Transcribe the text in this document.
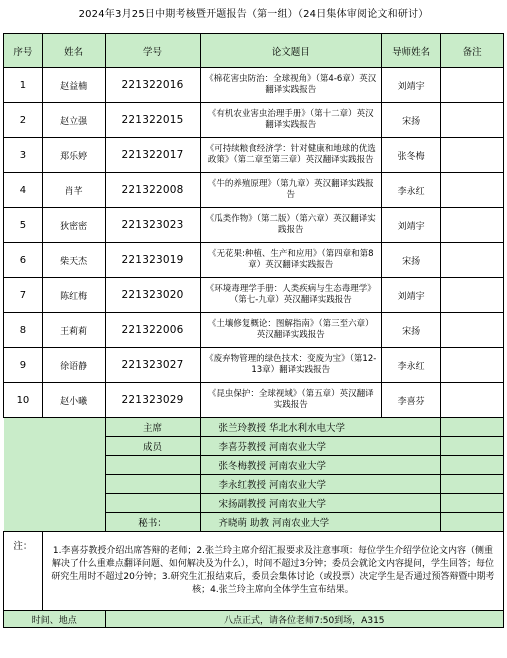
2024年3月25日中期考核暨开题报告（第一组）（24日集体审阅论文和研讨）
序号	姓名	学号	论文题目	导师姓名	备注
1	赵益楠	221322016	《棉花害虫防治：全球视角》（第4-6章）英汉翻译实践报告	刘靖宇	
2	赵立强	221322015	《有机农业害虫治理手册》（第十二章）英汉翻译实践报告	宋扬	
3	郑乐婷	221322017	《可持续粮食经济学：针对健康和地球的优选政策》（第二章至第三章）英汉翻译实践报告	张冬梅	
4	肖芊	221322008	《牛的养殖原理》（第九章）英汉翻译实践报告	李永红	
5	狄密密	221323023	《瓜类作物》（第二版）（第六章）英汉翻译实践报告	刘靖宇	
6	柴天杰	221323019	《无花果:种植、生产和应用》（第四章和第8章）英汉翻译实践报告	宋扬	
7	陈红梅	221323020	《环境毒理学手册：人类疾病与生态毒理学》（第七-九章）英汉翻译实践报告	刘靖宇	
8	王莉莉	221322006	《土壤修复概论：图解指南》（第三至六章）英汉翻译实践报告	宋扬	
9	徐语静	221323027	《废弃物管理的绿色技术：变废为宝》（第12-13章）翻译实践报告	李永红	
10	赵小曦	221323029	《昆虫保护：全球视域》（第五章）英汉翻译实践报告	李喜芬	
		主席	张兰玲教授 华北水利水电大学		
		成员	李喜芬教授 河南农业大学		
			张冬梅教授 河南农业大学		
			李永红教授 河南农业大学		
			宋扬副教授 河南农业大学		
		秘书：	齐晓萌 助教 河南农业大学		
注：	1.李喜芬教授介绍出席答辩的老师；2.张兰玲主席介绍汇报要求及注意事项：每位学生介绍学位论文内容（侧重解决了什么重难点翻译问题、如何解决及为什么），时间不超过3分钟；委员会就论文内容提问，学生回答；每位研究生用时不超过20分钟；3.研究生汇报结束后，委员会集体讨论（或投票）决定学生是否通过预答辩暨中期考核；4.张兰玲主席向全体学生宣布结果。				
时间、地点		八点正式，请各位老师7:50到场，A315			
